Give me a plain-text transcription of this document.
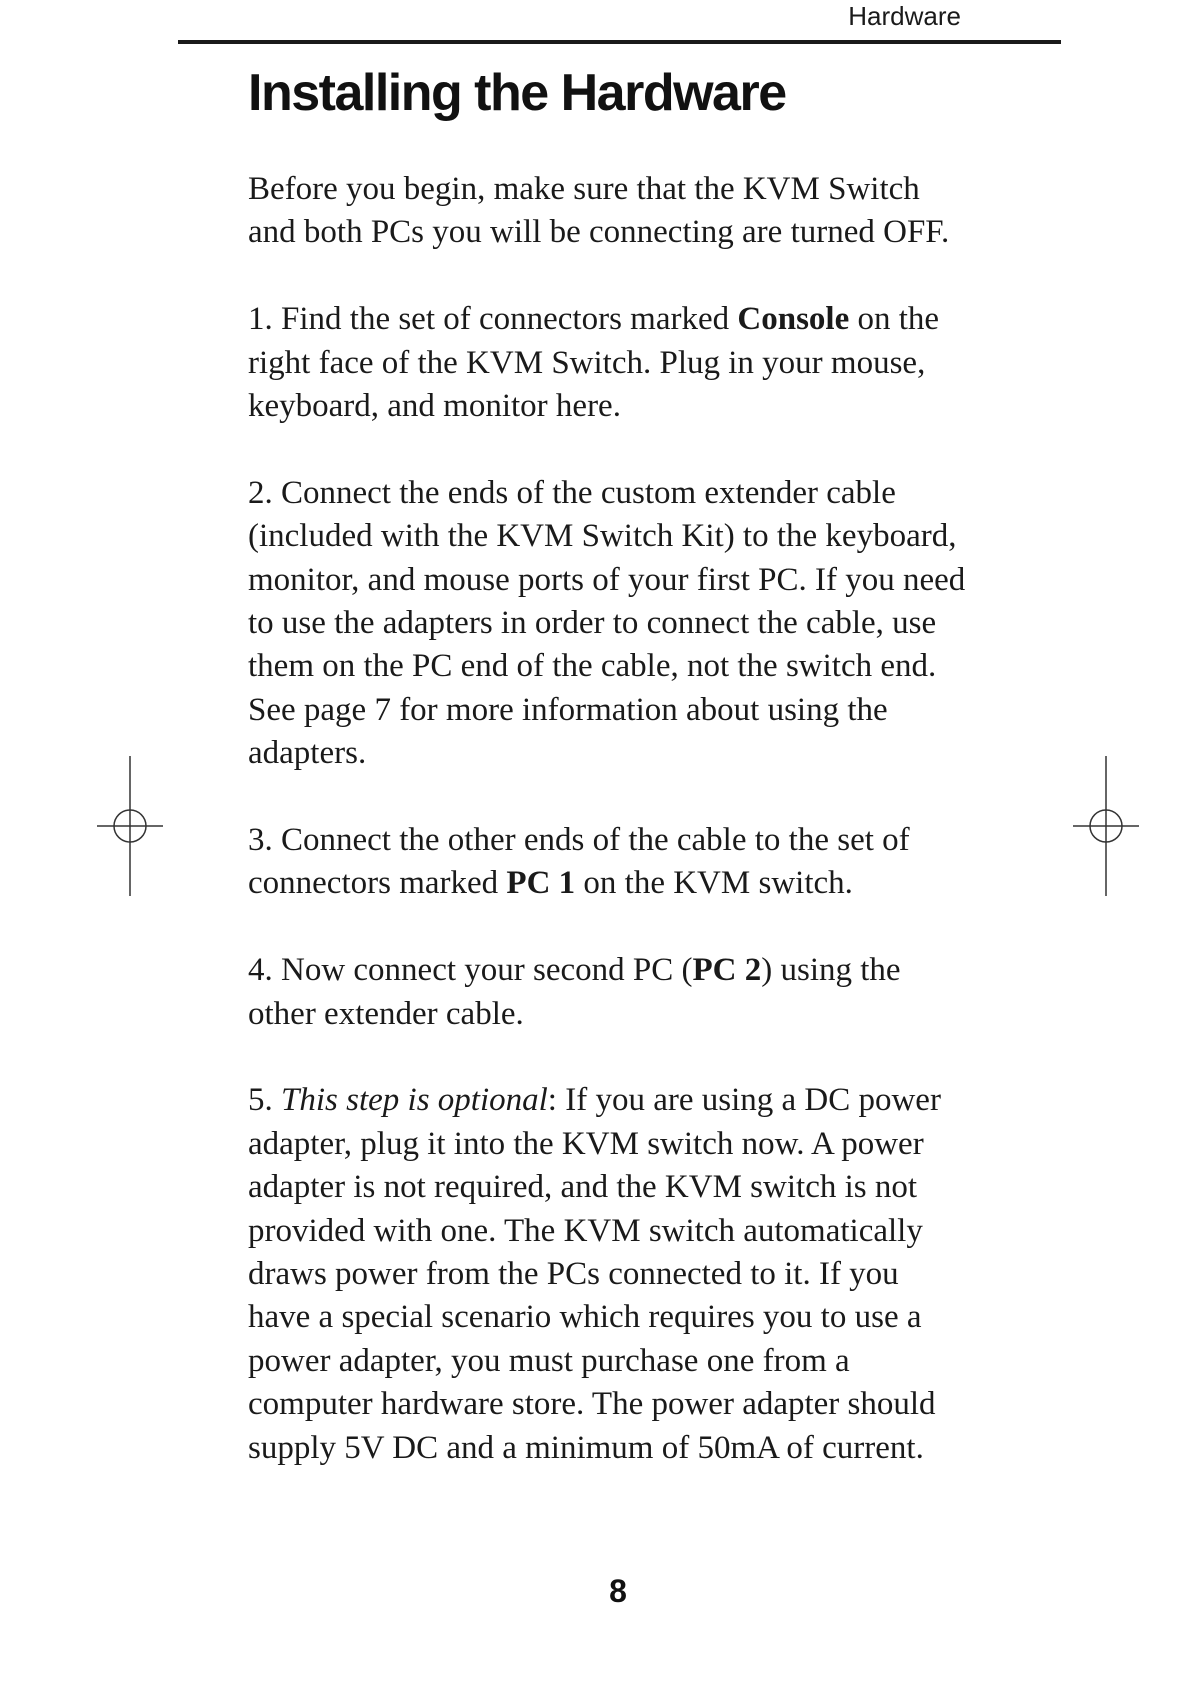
Hardware
Installing the Hardware

Before you begin, make sure that the KVM Switch and both PCs you will be connecting are turned OFF.

1. Find the set of connectors marked Console on the right face of the KVM Switch. Plug in your mouse, keyboard, and monitor here.

2. Connect the ends of the custom extender cable (included with the KVM Switch Kit) to the keyboard, monitor, and mouse ports of your first PC. If you need to use the adapters in order to connect the cable, use them on the PC end of the cable, not the switch end. See page 7 for more information about using the adapters.

3. Connect the other ends of the cable to the set of connectors marked PC 1 on the KVM switch.

4. Now connect your second PC (PC 2) using the other extender cable.

5. This step is optional: If you are using a DC power adapter, plug it into the KVM switch now. A power adapter is not required, and the KVM switch is not provided with one. The KVM switch automatically draws power from the PCs connected to it. If you have a special scenario which requires you to use a power adapter, you must purchase one from a computer hardware store. The power adapter should supply 5V DC and a minimum of 50mA of current.

8
